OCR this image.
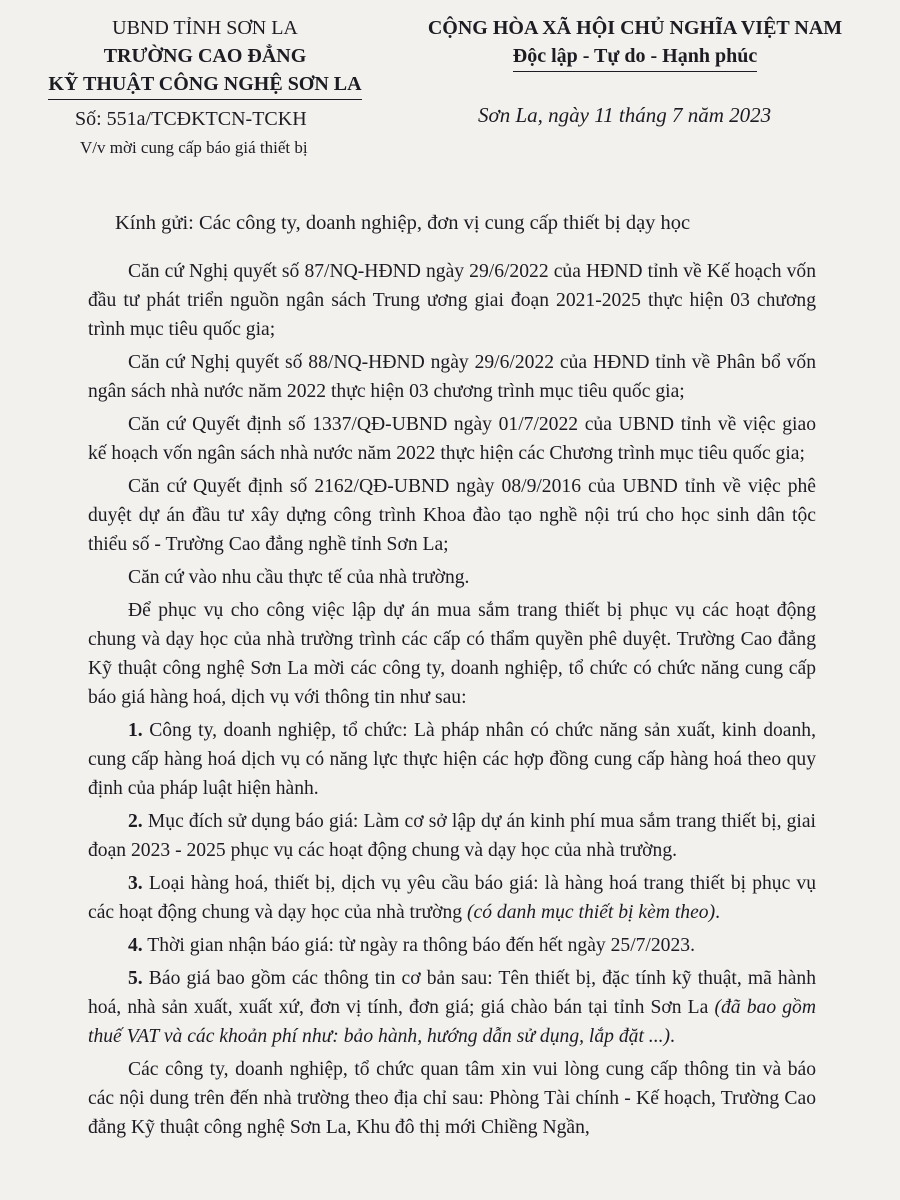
UBND TỈNH SƠN LA
TRƯỜNG CAO ĐẲNG
KỸ THUẬT CÔNG NGHỆ SƠN LA
Số: 551a/TCĐKTCN-TCKH
V/v mời cung cấp báo giá thiết bị
CỘNG HÒA XÃ HỘI CHỦ NGHĨA VIỆT NAM
Độc lập - Tự do - Hạnh phúc
Sơn La, ngày 11 tháng 7 năm 2023
Kính gửi: Các công ty, doanh nghiệp, đơn vị cung cấp thiết bị dạy học

Căn cứ Nghị quyết số 87/NQ-HĐND ngày 29/6/2022 của HĐND tỉnh về Kế hoạch vốn đầu tư phát triển nguồn ngân sách Trung ương giai đoạn 2021-2025 thực hiện 03 chương trình mục tiêu quốc gia;

Căn cứ Nghị quyết số 88/NQ-HĐND ngày 29/6/2022 của HĐND tỉnh về Phân bổ vốn ngân sách nhà nước năm 2022 thực hiện 03 chương trình mục tiêu quốc gia;

Căn cứ Quyết định số 1337/QĐ-UBND ngày 01/7/2022 của UBND tỉnh về việc giao kế hoạch vốn ngân sách nhà nước năm 2022 thực hiện các Chương trình mục tiêu quốc gia;

Căn cứ Quyết định số 2162/QĐ-UBND ngày 08/9/2016 của UBND tỉnh về việc phê duyệt dự án đầu tư xây dựng công trình Khoa đào tạo nghề nội trú cho học sinh dân tộc thiểu số - Trường Cao đẳng nghề tỉnh Sơn La;

Căn cứ vào nhu cầu thực tế của nhà trường.

Để phục vụ cho công việc lập dự án mua sắm trang thiết bị phục vụ các hoạt động chung và dạy học của nhà trường trình các cấp có thẩm quyền phê duyệt. Trường Cao đẳng Kỹ thuật công nghệ Sơn La mời các công ty, doanh nghiệp, tổ chức có chức năng cung cấp báo giá hàng hoá, dịch vụ với thông tin như sau:

1. Công ty, doanh nghiệp, tổ chức: Là pháp nhân có chức năng sản xuất, kinh doanh, cung cấp hàng hoá dịch vụ có năng lực thực hiện các hợp đồng cung cấp hàng hoá theo quy định của pháp luật hiện hành.

2. Mục đích sử dụng báo giá: Làm cơ sở lập dự án kinh phí mua sắm trang thiết bị, giai đoạn 2023 - 2025 phục vụ các hoạt động chung và dạy học của nhà trường.

3. Loại hàng hoá, thiết bị, dịch vụ yêu cầu báo giá: là hàng hoá trang thiết bị phục vụ các hoạt động chung và dạy học của nhà trường (có danh mục thiết bị kèm theo).

4. Thời gian nhận báo giá: từ ngày ra thông báo đến hết ngày 25/7/2023.

5. Báo giá bao gồm các thông tin cơ bản sau: Tên thiết bị, đặc tính kỹ thuật, mã hành hoá, nhà sản xuất, xuất xứ, đơn vị tính, đơn giá; giá chào bán tại tỉnh Sơn La (đã bao gồm thuế VAT và các khoản phí như: bảo hành, hướng dẫn sử dụng, lắp đặt ...).

Các công ty, doanh nghiệp, tổ chức quan tâm xin vui lòng cung cấp thông tin và báo các nội dung trên đến nhà trường theo địa chỉ sau: Phòng Tài chính - Kế hoạch, Trường Cao đẳng Kỹ thuật công nghệ Sơn La, Khu đô thị mới Chiềng Ngần,
